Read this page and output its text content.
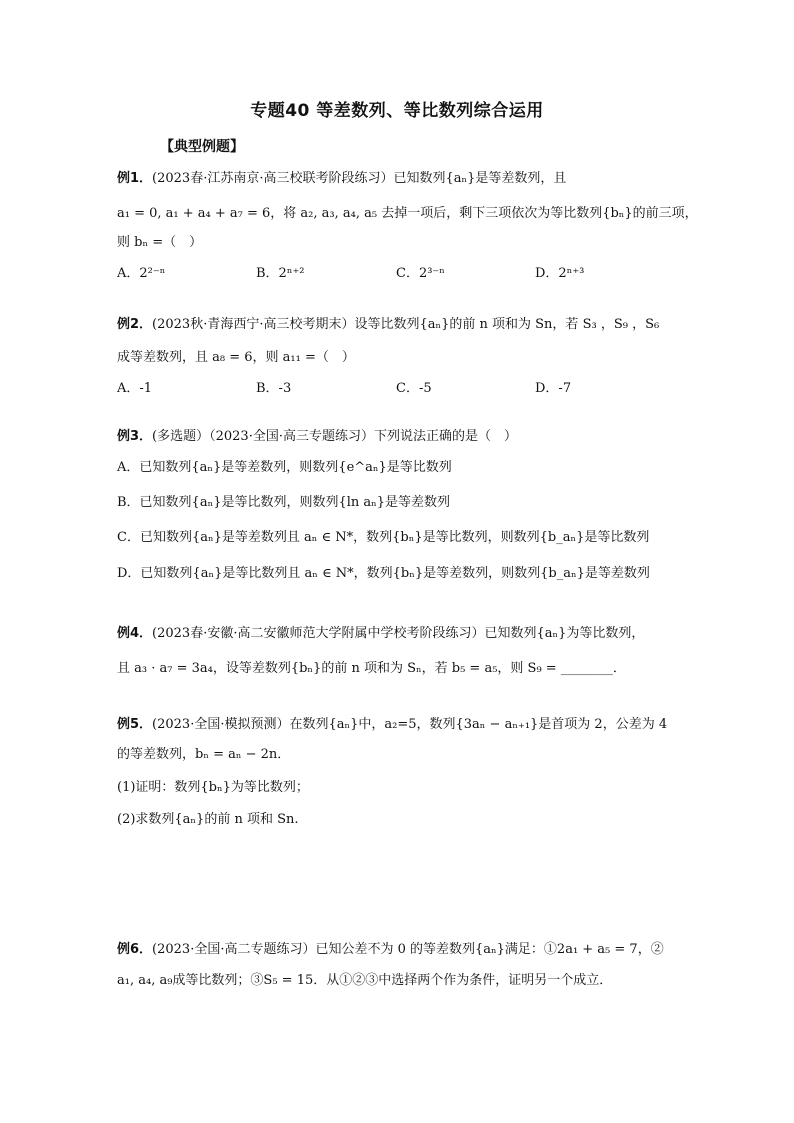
专题40 等差数列、等比数列综合运用
【典型例题】
例1．(2023春·江苏南京·高三校联考阶段练习）已知数列{aₙ}是等差数列，且
a₁ = 0, a₁ + a₄ + a₇ = 6，将 a₂, a₃, a₄, a₅ 去掉一项后，剩下三项依次为等比数列{bₙ}的前三项，
则 bₙ =（　）
A．2²⁻ⁿ	B．2ⁿ⁺²	C．2³⁻ⁿ	D．2ⁿ⁺³
例2．(2023秋·青海西宁·高三校考期末）设等比数列{aₙ}的前 n 项和为 Sn，若 S₃ ，S₉ ，S₆
成等差数列，且 a₈ = 6，则 a₁₁ =（　）
A．-1	B．-3	C．-5	D．-7
例3．(多选题）（2023·全国·高三专题练习）下列说法正确的是（　）
A．已知数列{aₙ}是等差数列，则数列{e^aₙ}是等比数列
B．已知数列{aₙ}是等比数列，则数列{ln aₙ}是等差数列
C．已知数列{aₙ}是等差数列且 aₙ ∈ N*，数列{bₙ}是等比数列，则数列{b_aₙ}是等比数列
D．已知数列{aₙ}是等比数列且 aₙ ∈ N*，数列{bₙ}是等差数列，则数列{b_aₙ}是等差数列
例4．(2023春·安徽·高二安徽师范大学附属中学校考阶段练习）已知数列{aₙ}为等比数列，
且 a₃ · a₇ = 3a₄，设等差数列{bₙ}的前 n 项和为 Sₙ，若 b₅ = a₅，则 S₉ = ________．
例5．(2023·全国·模拟预测）在数列{aₙ}中，a₂=5，数列{3aₙ − aₙ₊₁}是首项为 2，公差为 4
的等差数列，bₙ = aₙ − 2n．
(1)证明：数列{bₙ}为等比数列；
(2)求数列{aₙ}的前 n 项和 Sn.
例6．(2023·全国·高二专题练习）已知公差不为 0 的等差数列{aₙ}满足：①2a₁ + a₅ = 7，②
a₁, a₄, a₉成等比数列；③S₅ = 15．从①②③中选择两个作为条件，证明另一个成立．
